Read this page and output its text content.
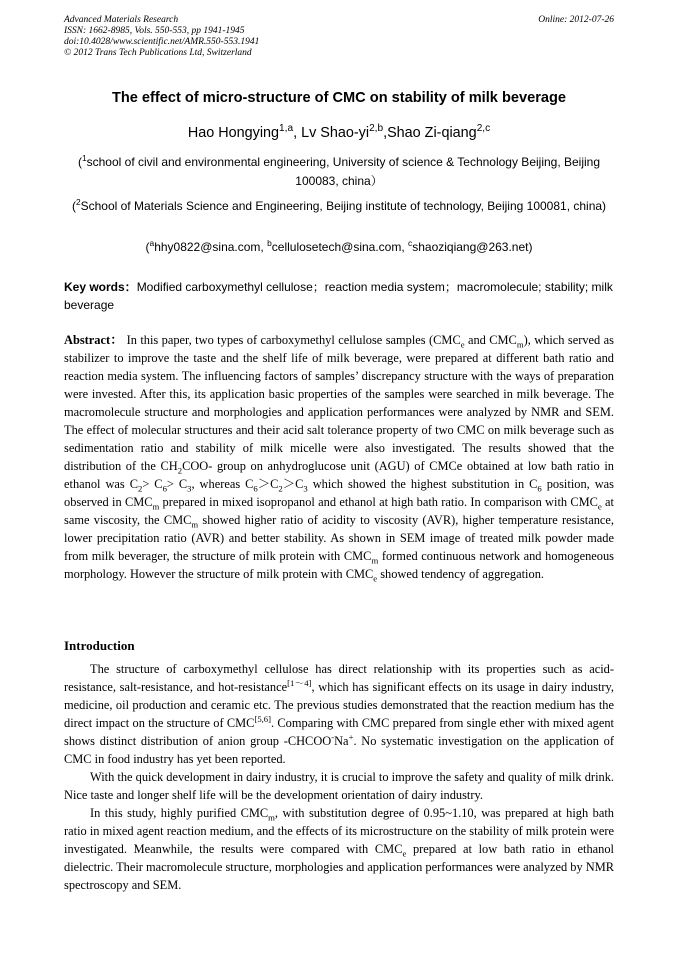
Advanced Materials Research
ISSN: 1662-8985, Vols. 550-553, pp 1941-1945
doi:10.4028/www.scientific.net/AMR.550-553.1941
© 2012 Trans Tech Publications Ltd, Switzerland
Online: 2012-07-26
The effect of micro-structure of CMC on stability of milk beverage
Hao Hongying$^{1,a}$, Lv Shao-yi$^{2,b}$,Shao Zi-qiang$^{2,c}$
($^1$school of civil and environmental engineering, University of science & Technology Beijing, Beijing 100083, china）
($^2$School of Materials Science and Engineering, Beijing institute of technology, Beijing 100081, china)
($^a$hhy0822@sina.com, $^b$cellulosetech@sina.com, $^c$shaoziqiang@263.net)
Key words：Modified carboxymethyl cellulose；reaction media system；macromolecule; stability; milk beverage
Abstract： In this paper, two types of carboxymethyl cellulose samples ($CMC_e$ and $CMC_m$), which served as stabilizer to improve the taste and the shelf life of milk beverage, were prepared at different bath ratio and reaction media system. The influencing factors of samples’ discrepancy structure with the ways of preparation were invested. After this, its application basic properties of the samples were searched in milk beverage. The macromolecule structure and morphologies and application performances were analyzed by NMR and SEM. The effect of molecular structures and their acid salt tolerance property of two CMC on milk beverage such as sedimentation ratio and stability of milk micelle were also investigated. The results showed that the distribution of the $CH_2COO-$ group on anhydroglucose unit (AGU) of CMCe obtained at low bath ratio in ethanol was $C_2> C_6> C_3$, whereas $C_6>C_2>C_3$ which showed the highest substitution in $C_6$ position, was observed in $CMC_m$ prepared in mixed isopropanol and ethanol at high bath ratio. In comparison with $CMC_e$ at same viscosity, the $CMC_m$ showed higher ratio of acidity to viscosity (AVR), higher temperature resistance, lower precipitation ratio (AVR) and better stability. As shown in SEM image of treated milk powder made from milk beverager, the structure of milk protein with $CMC_m$ formed continuous network and homogeneous morphology. However the structure of milk protein with $CMC_e$ showed tendency of aggregation.
Introduction
The structure of carboxymethyl cellulose has direct relationship with its properties such as acid-resistance, salt-resistance, and hot-resistance[1～4], which has significant effects on its usage in dairy industry, medicine, oil production and ceramic etc. The previous studies demonstrated that the reaction medium has the direct impact on the structure of CMC[5,6]. Comparing with CMC prepared from single ether with mixed agent shows distinct distribution of anion group -CHCOO-Na+. No systematic investigation on the application of CMC in food industry has yet been reported.
With the quick development in dairy industry, it is crucial to improve the safety and quality of milk drink. Nice taste and longer shelf life will be the development orientation of dairy industry.
In this study, highly purified $CMC_m$, with substitution degree of 0.95~1.10, was prepared at high bath ratio in mixed agent reaction medium, and the effects of its microstructure on the stability of milk protein were investigated. Meanwhile, the results were compared with $CMC_e$ prepared at low bath ratio in ethanol dielectric. Their macromolecule structure, morphologies and application performances were analyzed by NMR spectroscopy and SEM.
